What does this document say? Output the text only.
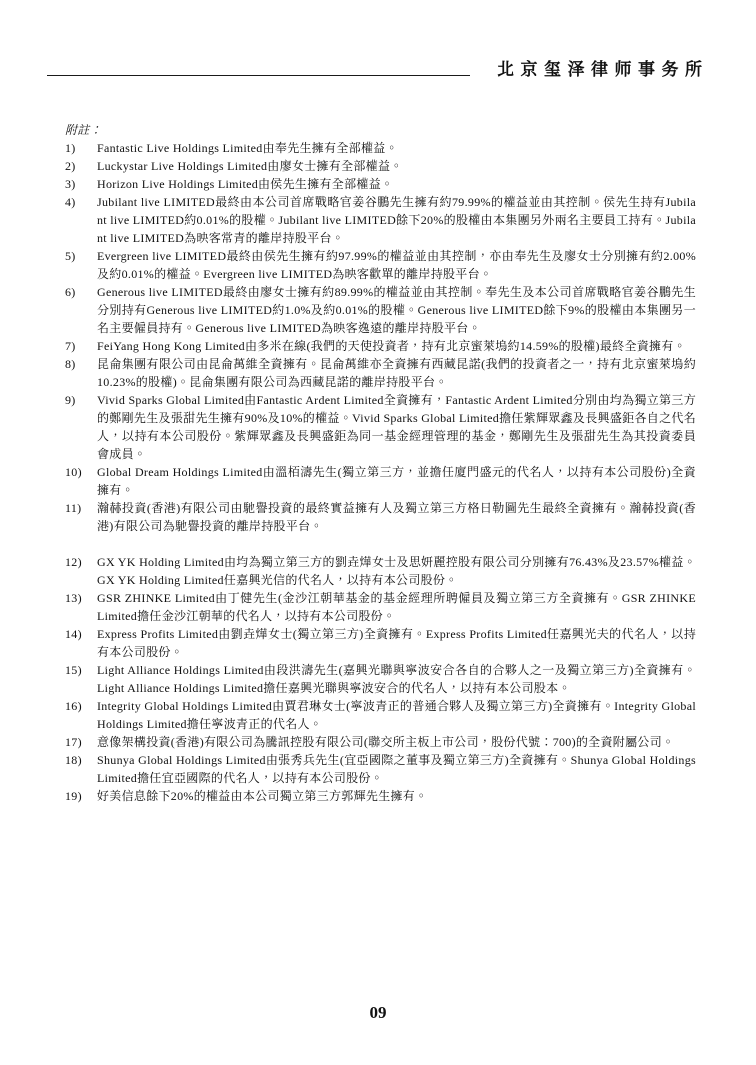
北京玺泽律师事务所
附註：
1)	Fantastic Live Holdings Limited由奉先生擁有全部權益。
2)	Luckystar Live Holdings Limited由廖女士擁有全部權益。
3)	Horizon Live Holdings Limited由侯先生擁有全部權益。
4)	Jubilant live LIMITED最終由本公司首席戰略官姜谷鵬先生擁有約79.99%的權益並由其控制。侯先生持有Jubilant live LIMITED約0.01%的股權。Jubilant live LIMITED餘下20%的股權由本集團另外兩名主要員工持有。Jubilant live LIMITED為映客常青的離岸持股平台。
5)	Evergreen live LIMITED最終由侯先生擁有約97.99%的權益並由其控制，亦由奉先生及廖女士分別擁有約2.00%及約0.01%的權益。Evergreen live LIMITED為映客歡單的離岸持股平台。
6)	Generous live LIMITED最終由廖女士擁有約89.99%的權益並由其控制。奉先生及本公司首席戰略官姜谷鵬先生分別持有Generous live LIMITED約1.0%及約0.01%的股權。Generous live LIMITED餘下9%的股權由本集團另一名主要僱員持有。Generous live LIMITED為映客逸遠的離岸持股平台。
7)	FeiYang Hong Kong Limited由多米在線(我們的天使投資者，持有北京蜜萊塢約14.59%的股權)最終全資擁有。
8)	昆侖集團有限公司由昆侖萬維全資擁有。昆侖萬維亦全資擁有西藏昆諾(我們的投資者之一，持有北京蜜萊塢約10.23%的股權)。昆侖集團有限公司為西藏昆諾的離岸持股平台。
9)	Vivid Sparks Global Limited由Fantastic Ardent Limited全資擁有，Fantastic Ardent Limited分別由均為獨立第三方的鄭剛先生及張甜先生擁有90%及10%的權益。Vivid Sparks Global Limited擔任紫輝眾鑫及長興盛鉅各自之代名人，以持有本公司股份。紫輝眾鑫及長興盛鉅為同一基金經理管理的基金，鄭剛先生及張甜先生為其投資委員會成員。
10)	Global Dream Holdings Limited由溫栢濤先生(獨立第三方，並擔任廈門盛元的代名人，以持有本公司股份)全資擁有。
11)	瀚赫投資(香港)有限公司由馳譽投資的最終實益擁有人及獨立第三方格日勒圖先生最終全資擁有。瀚赫投資(香港)有限公司為馳譽投資的離岸持股平台。
12)	GX YK Holding Limited由均為獨立第三方的劉垚燁女士及思妍麗控股有限公司分別擁有76.43%及23.57%權益。GX YK Holding Limited任嘉興光信的代名人，以持有本公司股份。
13)	GSR ZHINKE Limited由丁健先生(金沙江朝華基金的基金經理所聘僱員及獨立第三方全資擁有。GSR ZHINKE Limited擔任金沙江朝華的代名人，以持有本公司股份。
14)	Express Profits Limited由劉垚燁女士(獨立第三方)全資擁有。Express Profits Limited任嘉興光夫的代名人，以持有本公司股份。
15)	Light Alliance Holdings Limited由段洪濤先生(嘉興光聯與寧波安合各自的合夥人之一及獨立第三方)全資擁有。Light Alliance Holdings Limited擔任嘉興光聯與寧波安合的代名人，以持有本公司股本。
16)	Integrity Global Holdings Limited由賈君琳女士(寧波青正的普通合夥人及獨立第三方)全資擁有。Integrity Global Holdings Limited擔任寧波青正的代名人。
17)	意像架構投資(香港)有限公司為騰訊控股有限公司(聯交所主板上市公司，股份代號：700)的全資附屬公司。
18)	Shunya Global Holdings Limited由張秀兵先生(宜亞國際之董事及獨立第三方)全資擁有。Shunya Global Holdings Limited擔任宜亞國際的代名人，以持有本公司股份。
19)	好美信息餘下20%的權益由本公司獨立第三方郭輝先生擁有。
09
